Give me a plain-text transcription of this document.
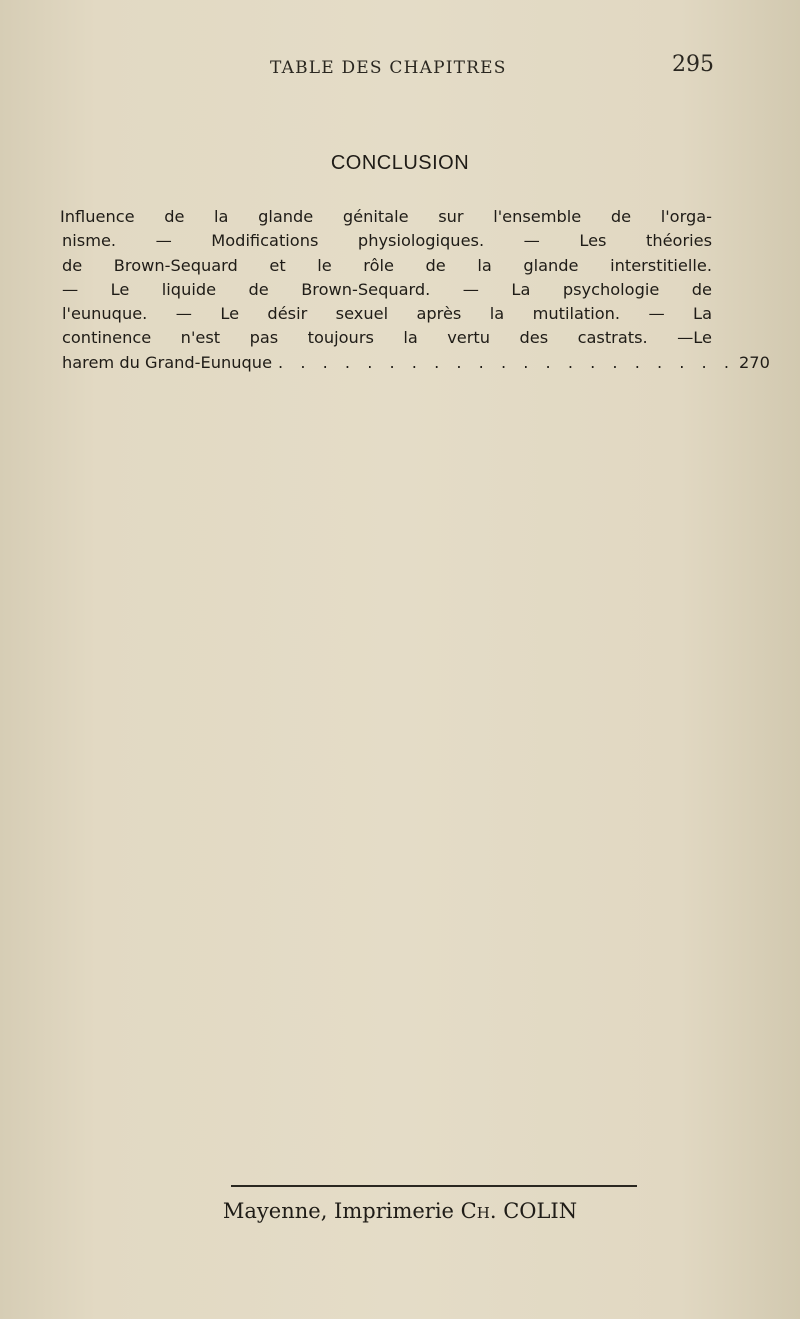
TABLE DES CHAPITRES	295
CONCLUSION
Influence de la glande génitale sur l'ensemble de l'orga-
nisme. — Modifications physiologiques. — Les théories
de Brown-Sequard et le rôle de la glande interstitielle.
— Le liquide de Brown-Sequard. — La psychologie de
l'eunuque. — Le désir sexuel après la mutilation. — La
continence n'est pas toujours la vertu des castrats. —Le
harem du Grand-Eunuque . . . . . . . . . . . . . . . . . . . . . 270
Mayenne, Imprimerie Ch. COLIN
